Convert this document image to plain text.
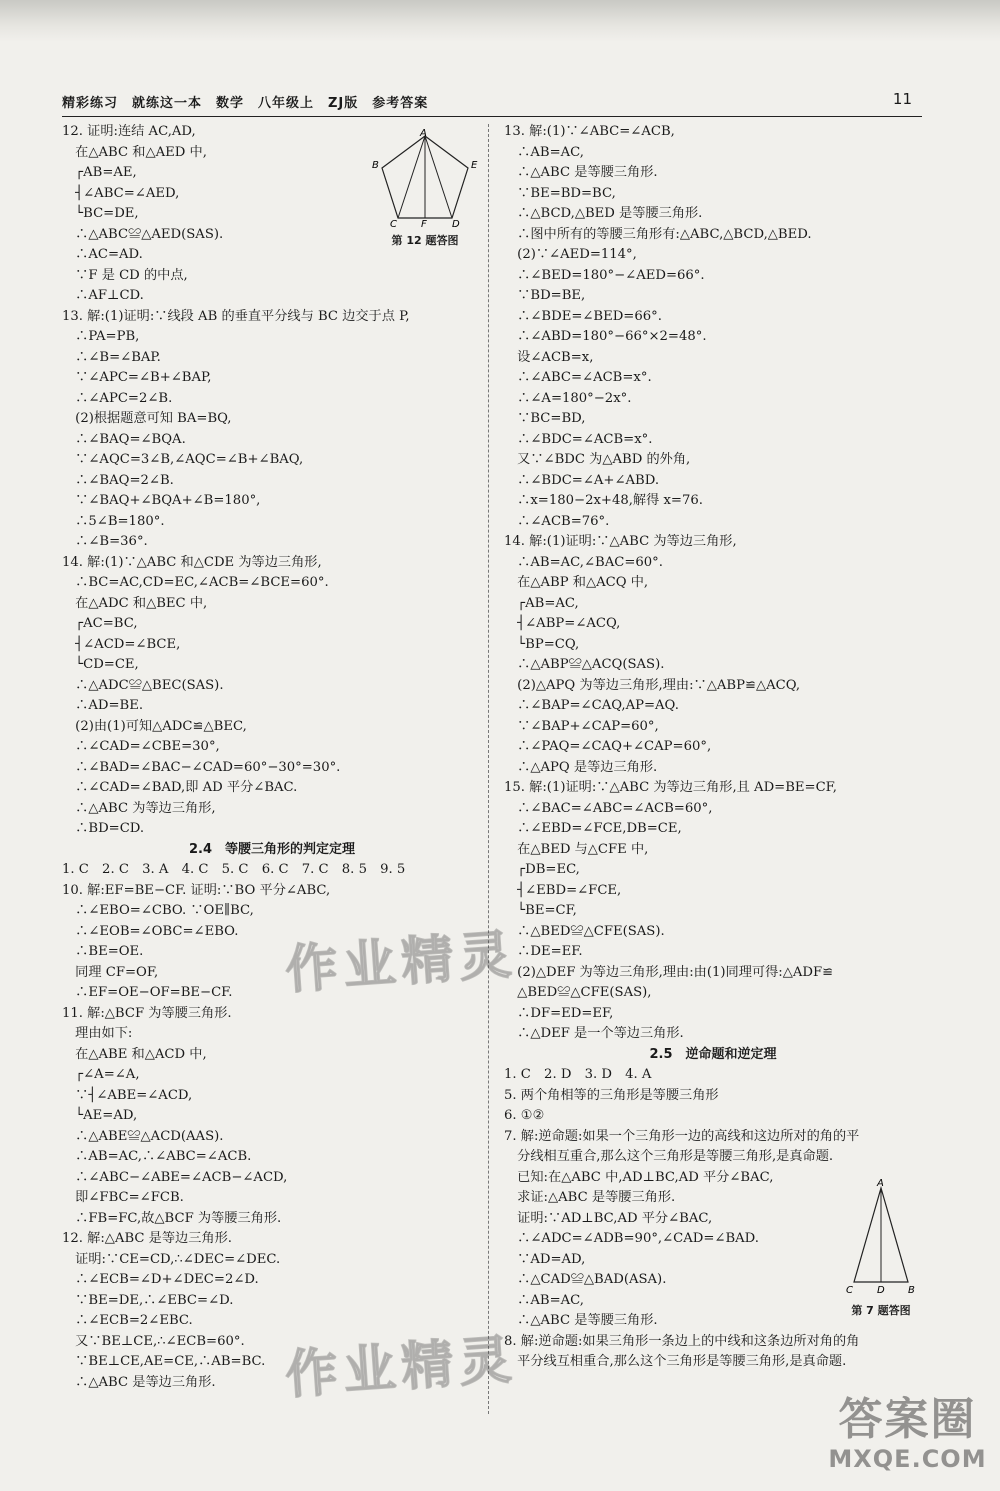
精彩练习　就练这一本　数学　八年级上　ZJ版　参考答案	11
12. 证明:连结 AC,AD,
　在△ABC 和△AED 中,
　┌AB=AE,
　┤∠ABC=∠AED,
　└BC=DE,
　∴△ABC≌△AED(SAS).
　∴AC=AD.
　∵F 是 CD 的中点,
　∴AF⊥CD.
13. 解:(1)证明:∵线段 AB 的垂直平分线与 BC 边交于点 P,
　∴PA=PB,
　∴∠B=∠BAP.
　∵∠APC=∠B+∠BAP,
　∴∠APC=2∠B.
　(2)根据题意可知 BA=BQ,
　∴∠BAQ=∠BQA.
　∵∠AQC=3∠B,∠AQC=∠B+∠BAQ,
　∴∠BAQ=2∠B.
　∵∠BAQ+∠BQA+∠B=180°,
　∴5∠B=180°.
　∴∠B=36°.
14. 解:(1)∵△ABC 和△CDE 为等边三角形,
　∴BC=AC,CD=EC,∠ACB=∠BCE=60°.
　在△ADC 和△BEC 中,
　┌AC=BC,
　┤∠ACD=∠BCE,
　└CD=CE,
　∴△ADC≌△BEC(SAS).
　∴AD=BE.
　(2)由(1)可知△ADC≌△BEC,
　∴∠CAD=∠CBE=30°,
　∴∠BAD=∠BAC−∠CAD=60°−30°=30°.
　∴∠CAD=∠BAD,即 AD 平分∠BAC.
　∴△ABC 为等边三角形,
　∴BD=CD.
2.4　等腰三角形的判定定理
1. C　2. C　3. A　4. C　5. C　6. C　7. C　8. 5　9. 5
10. 解:EF=BE−CF. 证明:∵BO 平分∠ABC,
　∴∠EBO=∠CBO. ∵OE∥BC,
　∴∠EOB=∠OBC=∠EBO.
　∴BE=OE.
　同理 CF=OF,
　∴EF=OE−OF=BE−CF.
11. 解:△BCF 为等腰三角形.
　理由如下:
　在△ABE 和△ACD 中,
　┌∠A=∠A,
　∵┤∠ABE=∠ACD,
　└AE=AD,
　∴△ABE≌△ACD(AAS).
　∴AB=AC,∴∠ABC=∠ACB.
　∴∠ABC−∠ABE=∠ACB−∠ACD,
　即∠FBC=∠FCB.
　∴FB=FC,故△BCF 为等腰三角形.
12. 解:△ABC 是等边三角形.
　证明:∵CE=CD,∴∠DEC=∠DEC.
　∴∠ECB=∠D+∠DEC=2∠D.
　∵BE=DE,∴∠EBC=∠D.
　∴∠ECB=2∠EBC.
　又∵BE⊥CE,∴∠ECB=60°.
　∵BE⊥CE,AE=CE,∴AB=BC.
　∴△ABC 是等边三角形.
13. 解:(1)∵∠ABC=∠ACB,
　∴AB=AC,
　∴△ABC 是等腰三角形.
　∵BE=BD=BC,
　∴△BCD,△BED 是等腰三角形.
　∴图中所有的等腰三角形有:△ABC,△BCD,△BED.
　(2)∵∠AED=114°,
　∴∠BED=180°−∠AED=66°.
　∵BD=BE,
　∴∠BDE=∠BED=66°.
　∴∠ABD=180°−66°×2=48°.
　设∠ACB=x,
　∴∠ABC=∠ACB=x°.
　∴∠A=180°−2x°.
　∵BC=BD,
　∴∠BDC=∠ACB=x°.
　又∵∠BDC 为△ABD 的外角,
　∴∠BDC=∠A+∠ABD.
　∴x=180−2x+48,解得 x=76.
　∴∠ACB=76°.
14. 解:(1)证明:∵△ABC 为等边三角形,
　∴AB=AC,∠BAC=60°.
　在△ABP 和△ACQ 中,
　┌AB=AC,
　┤∠ABP=∠ACQ,
　└BP=CQ,
　∴△ABP≌△ACQ(SAS).
　(2)△APQ 为等边三角形,理由:∵△ABP≌△ACQ,
　∴∠BAP=∠CAQ,AP=AQ.
　∵∠BAP+∠CAP=60°,
　∴∠PAQ=∠CAQ+∠CAP=60°,
　∴△APQ 是等边三角形.
15. 解:(1)证明:∵△ABC 为等边三角形,且 AD=BE=CF,
　∴∠BAC=∠ABC=∠ACB=60°,
　∴∠EBD=∠FCE,DB=CE,
　在△BED 与△CFE 中,
　┌DB=EC,
　┤∠EBD=∠FCE,
　└BE=CF,
　∴△BED≌△CFE(SAS).
　∴DE=EF.
　(2)△DEF 为等边三角形,理由:由(1)同理可得:△ADF≌
　△BED≌△CFE(SAS),
　∴DF=ED=EF,
　∴△DEF 是一个等边三角形.
2.5　逆命题和逆定理
1. C　2. D　3. D　4. A
5. 两个角相等的三角形是等腰三角形
6. ①②
7. 解:逆命题:如果一个三角形一边的高线和这边所对的角的平
　分线相互重合,那么这个三角形是等腰三角形,是真命题.
　已知:在△ABC 中,AD⊥BC,AD 平分∠BAC,
　求证:△ABC 是等腰三角形.
　证明:∵AD⊥BC,AD 平分∠BAC,
　∴∠ADC=∠ADB=90°,∠CAD=∠BAD.
　∵AD=AD,
　∴△CAD≌△BAD(ASA).
　∴AB=AC,
　∴△ABC 是等腰三角形.
8. 解:逆命题:如果三角形一条边上的中线和这条边所对角的角
　平分线互相重合,那么这个三角形是等腰三角形,是真命题.
A
B	E
C F	D
第 12 题答图
A
C D B
第 7 题答图
作业精灵
作业精灵
答案圈
MXQE.COM
